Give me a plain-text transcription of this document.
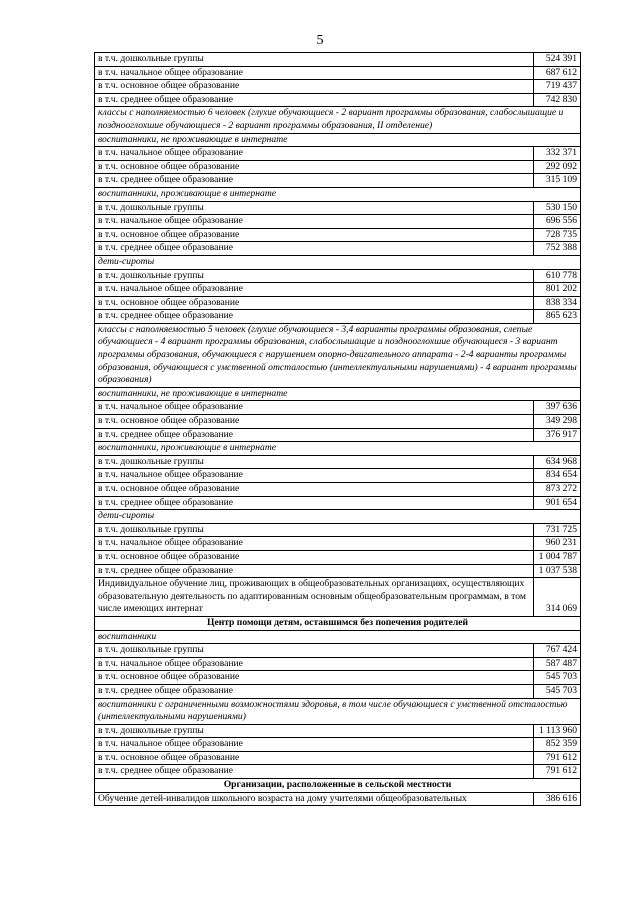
5
в т.ч. дошкольные группы	524 391
в т.ч. начальное общее образование	687 612
в т.ч. основное общее образование	719 437
в т.ч. среднее общее образование	742 830
классы с наполняемостью 6 человек (глухие обучающиеся - 2 вариант программы образования, слабослышащие и позднооглохшие обучающиеся - 2 вариант программы образования, II отделение)	
воспитанники, не проживающие в интернате	
в т.ч. начальное общее образование	332 371
в т.ч. основное общее образование	292 092
в т.ч. среднее общее образование	315 109
воспитанники, проживающие в интернате	
в т.ч. дошкольные группы	530 150
в т.ч. начальное общее образование	696 556
в т.ч. основное общее образование	728 735
в т.ч. среднее общее образование	752 388
дети-сироты	
в т.ч. дошкольные группы	610 778
в т.ч. начальное общее образование	801 202
в т.ч. основное общее образование	838 334
в т.ч. среднее общее образование	865 623
классы с наполняемостью 5 человек (глухие обучающиеся - 3,4 варианты программы образования, слепые обучающиеся - 4 вариант программы образования, слабослышащие и позднооглохшие обучающиеся - 3 вариант программы образования, обучающиеся с нарушением опорно-двигательного аппарата - 2-4 варианты программы образования, обучающиеся с умственной отсталостью (интеллектуальными нарушениями) - 4 вариант программы образования)	
воспитанники, не проживающие в интернате	
в т.ч. начальное общее образование	397 636
в т.ч. основное общее образование	349 298
в т.ч. среднее общее образование	376 917
воспитанники, проживающие в интернате	
в т.ч. дошкольные группы	634 968
в т.ч. начальное общее образование	834 654
в т.ч. основное общее образование	873 272
в т.ч. среднее общее образование	901 654
дети-сироты	
в т.ч. дошкольные группы	731 725
в т.ч. начальное общее образование	960 231
в т.ч. основное общее образование	1 004 787
в т.ч. среднее общее образование	1 037 538
Индивидуальное обучение лиц, проживающих в общеобразовательных организациях, осуществляющих образовательную деятельность по адаптированным основным общеобразовательным программам, в том числе имеющих интернат	314 069
Центр помощи детям, оставшимся без попечения родителей	
воспитанники	
в т.ч. дошкольные группы	767 424
в т.ч. начальное общее образование	587 487
в т.ч. основное общее образование	545 703
в т.ч. среднее общее образование	545 703
воспитанники с ограниченными возможностями здоровья, в том числе обучающиеся с умственной отсталостью (интеллектуальными нарушениями)	
в т.ч. дошкольные группы	1 113 960
в т.ч. начальное общее образование	852 359
в т.ч. основное общее образование	791 612
в т.ч. среднее общее образование	791 612
Организации, расположенные в сельской местности	
Обучение детей-инвалидов школьного возраста на дому учителями общеобразовательных	386 616
